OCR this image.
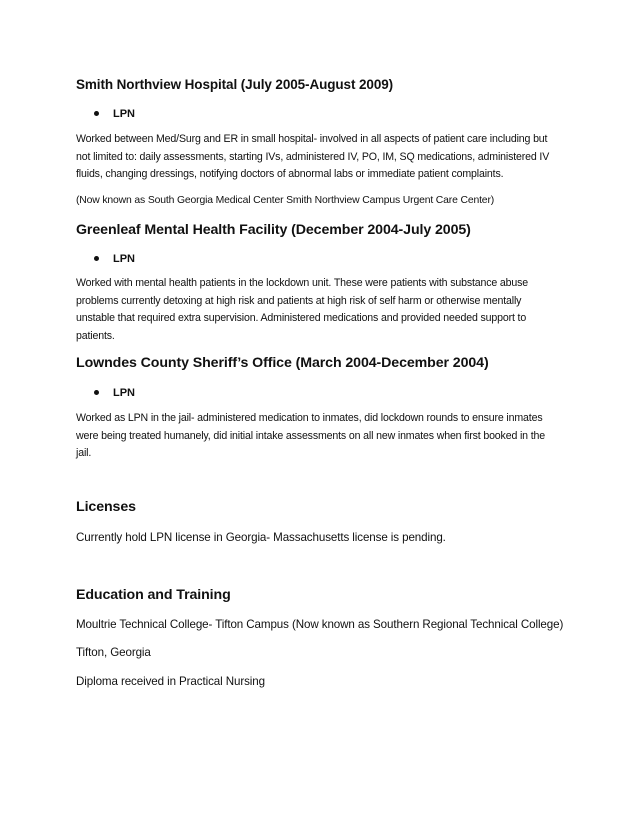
Smith Northview Hospital (July 2005-August 2009)
LPN
Worked between Med/Surg and ER in small hospital- involved in all aspects of patient care including but
not limited to: daily assessments, starting IVs, administered IV, PO, IM, SQ medications, administered IV
fluids, changing dressings, notifying doctors of abnormal labs or immediate patient complaints.
(Now known as South Georgia Medical Center Smith Northview Campus Urgent Care Center)
Greenleaf Mental Health Facility (December 2004-July 2005)
LPN
Worked with mental health patients in the lockdown unit. These were patients with substance abuse
problems currently detoxing at high risk and patients at high risk of self harm or otherwise mentally
unstable that required extra supervision. Administered medications and provided needed support to
patients.
Lowndes County Sheriff’s Office (March 2004-December 2004)
LPN
Worked as LPN in the jail- administered medication to inmates, did lockdown rounds to ensure inmates
were being treated humanely, did initial intake assessments on all new inmates when first booked in the
jail.
Licenses
Currently hold LPN license in Georgia- Massachusetts license is pending.
Education and Training
Moultrie Technical College- Tifton Campus (Now known as Southern Regional Technical College)
Tifton, Georgia
Diploma received in Practical Nursing
